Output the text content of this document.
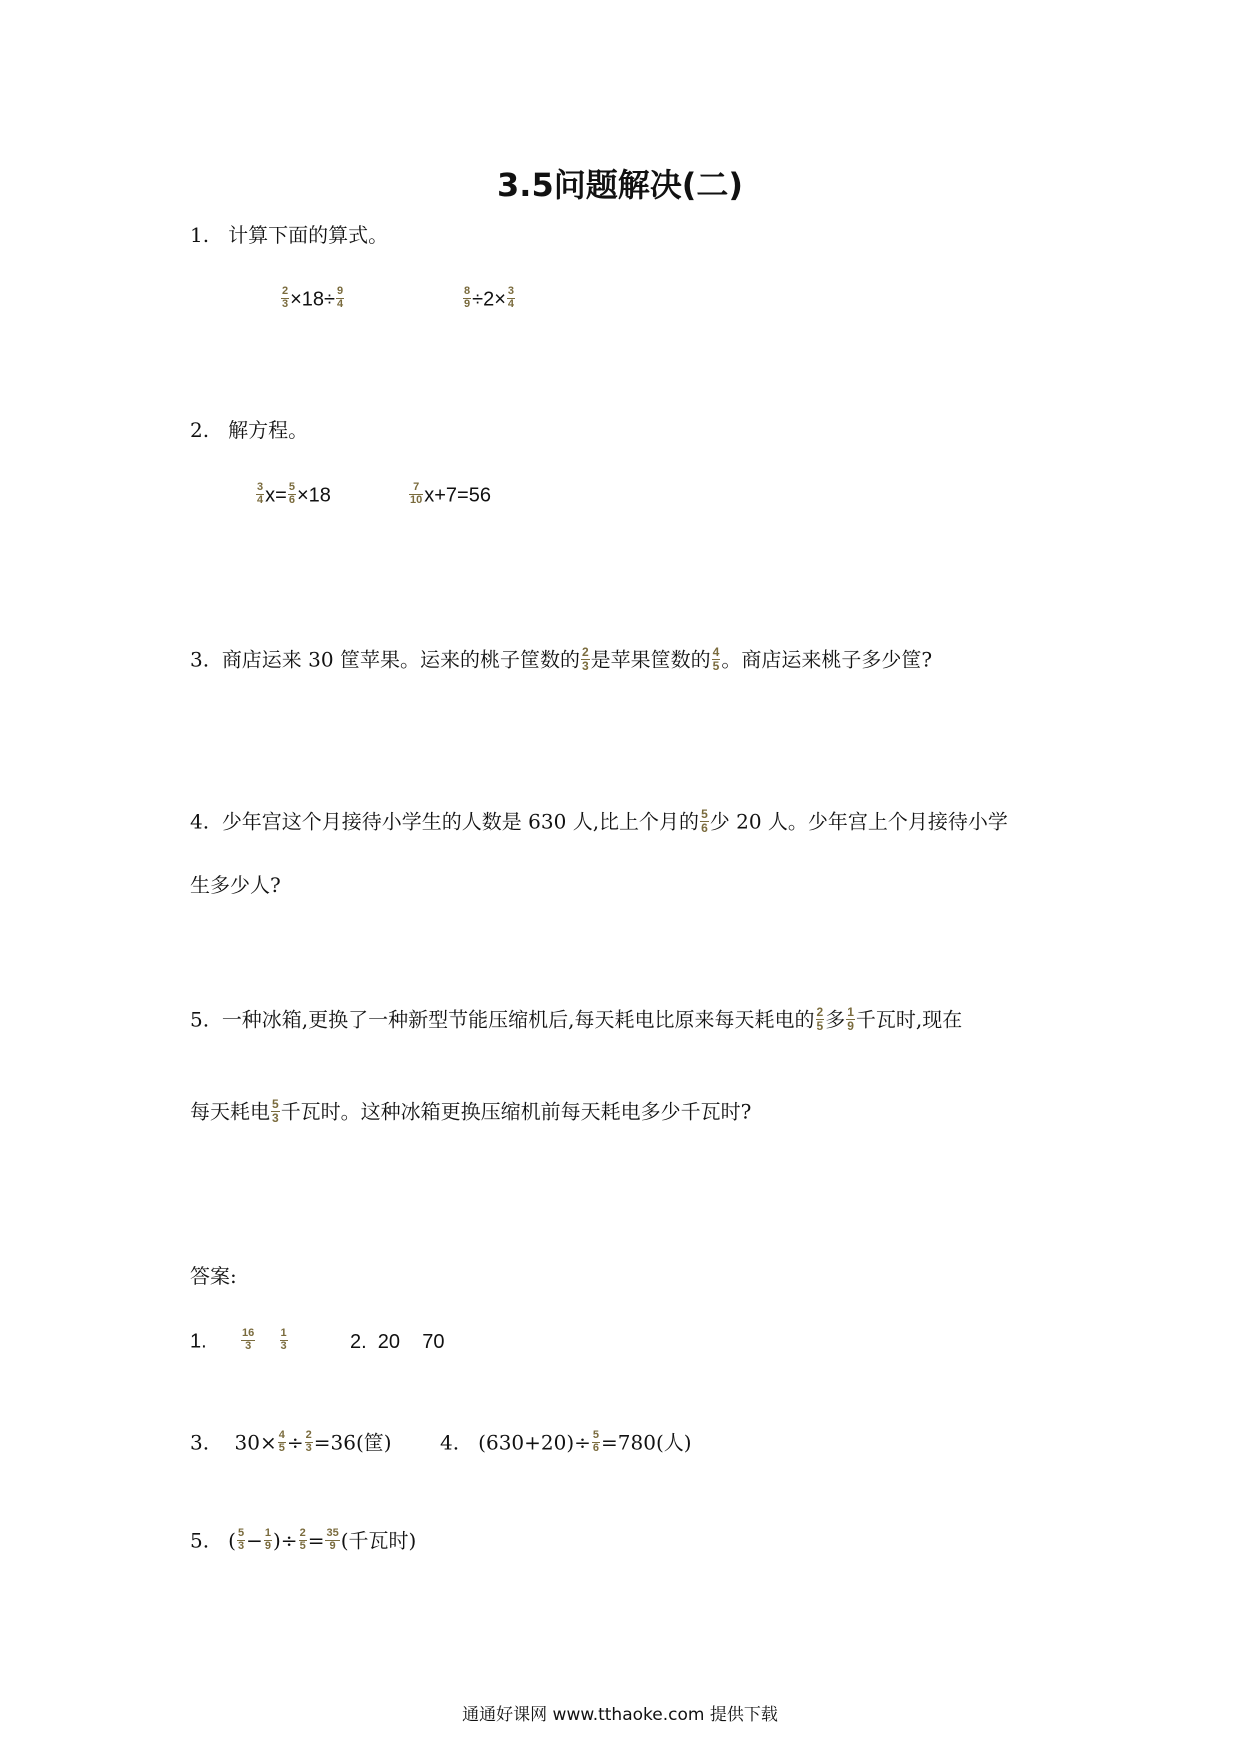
3.5问题解决(二)
1. 计算下面的算式。
$\frac{2}{3} \times 18\div \frac{9}{4}$	$\frac{8}{9} \div 2\times \frac{3}{4}$
2. 解方程。
$\frac{3}{4} x= \frac{5}{6} \times 18$	$\frac{7}{10} x+7=56$
3. 商店运来 30 筐苹果。运来的桃子筐数的 $\frac{2}{3}$ 是苹果筐数的 $\frac{4}{5}$ 。商店运来桃子多少筐?
4. 少年宫这个月接待小学生的人数是 630 人,比上个月的 $\frac{5}{6}$ 少 20 人。少年宫上个月接待小学
生多少人?
5. 一种冰箱,更换了一种新型节能压缩机后,每天耗电比原来每天耗电的 $\frac{2}{5}$ 多 $\frac{1}{9}$ 千瓦时,现在
每天耗电 $\frac{5}{3}$ 千瓦时。这种冰箱更换压缩机前每天耗电多少千瓦时?
答案:
1.	$\frac{16}{3}$
$\frac{1}{3}$	2.  20    70
3. $30\times \frac{4}{5} \div \frac{2}{3} =36$(筐) 4. $(630+20)\div \frac{5}{6} =780$(人)
5. ( $\frac{5}{3} - \frac{1}{9}$ )÷ $\frac{2}{5} = \frac{35}{9}$ (千瓦时)
通通好课网 www.tthaoke.com 提供下载
